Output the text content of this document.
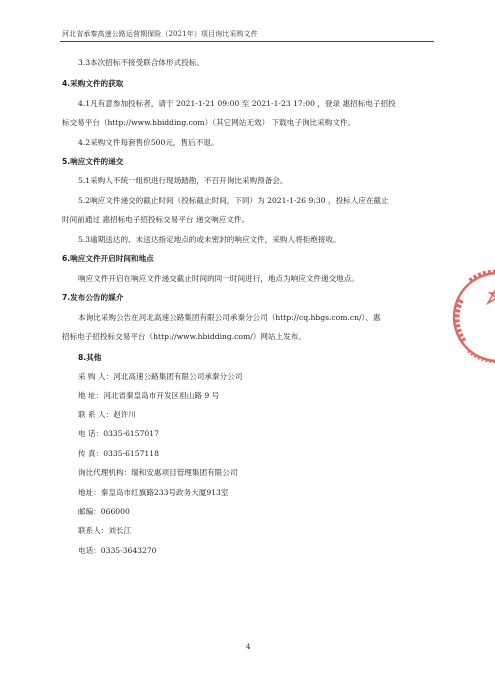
河北省承秦高速公路运营期保险（2021年）项目询比采购文件
3.3本次招标不接受联合体形式投标。
4.采购文件的获取
4.1凡有意参加投标者，请于 2021-1-21 09:00 至 2021-1-23 17:00 ，登录 惠招标电子招投
标交易平台（http://www.hbidding.com）（其它网站无效） 下载电子询比采购文件。
4.2采购文件每套售价500元，售后不退。
5.响应文件的递交
5.1采购人不统一组织进行现场踏勘，不召开询比采购预备会。
5.2响应文件递交的截止时间（投标截止时间，下同）为 2021-1-26 9:30 ，投标人应在截止
时间前通过 惠招标电子招投标交易平台 递交响应文件。
5.3逾期送达的、未送达指定地点的或未密封的响应文件，采购人将拒绝接收。
6.响应文件开启时间和地点
响应文件开启在响应文件递交截止时间的同一时间进行，地点为响应文件递交地点。
7.发布公告的媒介
本询比采购公告在河北高速公路集团有限公司承秦分公司（http://cq.hbgs.com.cn/）、惠
招标电子招投标交易平台（http://www.hbidding.com/）网站上发布。
8.其他
采 购 人：河北高速公路集团有限公司承秦分公司
地 址：河北省秦皇岛市开发区祖山路 9 号
联 系 人：赵许川
电 话：0335-6157017
传 真：0335-6157118
询比代理机构：瑞和安惠项目管理集团有限公司
地址：秦皇岛市红旗路233号政务大厦913室
邮编：066000
联系人：刘长江
电话：0335-3643270
4
